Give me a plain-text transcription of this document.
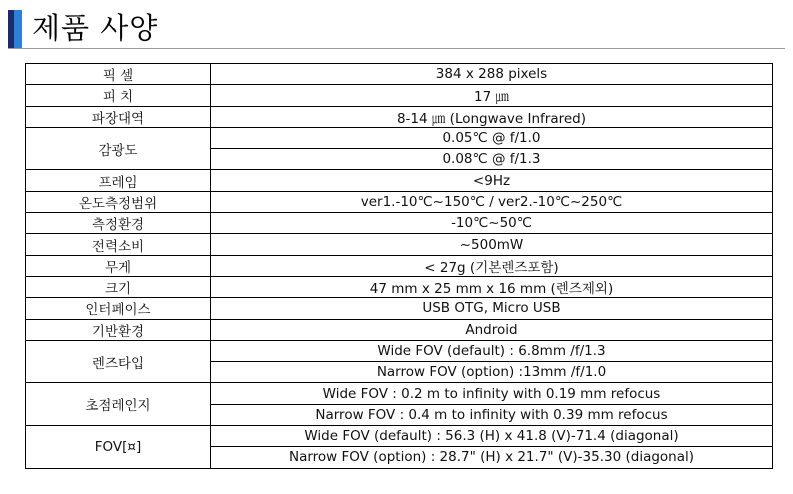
제품 사양
픽 셀	384 x 288 pixels
피 치	17 ㎛
파장대역	8-14 ㎛ (Longwave Infrared)
감광도	0.05℃ @ f/1.0
	0.08℃ @ f/1.3
프레임	<9Hz
온도측정범위	ver1.-10℃~150℃ / ver2.-10℃~250℃
측정환경	-10℃~50℃
전력소비	~500mW
무게	< 27g (기본렌즈포함)
크기	47 mm x 25 mm x 16 mm (렌즈제외)
인터페이스	USB OTG, Micro USB
기반환경	Android
렌즈타입	Wide FOV (default) : 6.8mm /f/1.3
	Narrow FOV (option) :13mm /f/1.0
초점레인지	Wide FOV : 0.2 m to infinity with 0.19 mm refocus
	Narrow FOV : 0.4 m to infinity with 0.39 mm refocus
FOV[¤]	Wide FOV (default) : 56.3 (H) x 41.8 (V)-71.4 (diagonal)
	Narrow FOV (option) : 28.7" (H) x 21.7" (V)-35.30 (diagonal)
